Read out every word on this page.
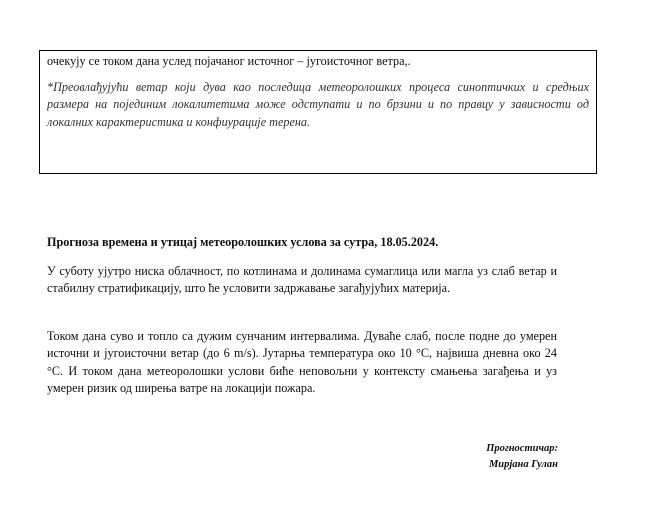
очекују се током дана услед појачаног источног – југоисточног ветра,.

*Преовлађујући ветар који дува као последица метеоролошких процеса синоптичких и средњих размера на појединим локалитетима може одступати и по брзини и по правцу у зависности од локалних карактеристика и конфиурације терена.

Прогноза времена и утицај метеоролошких услова за сутра, 18.05.2024.

У суботу ујутро ниска облачност, по котлинама и долинама сумаглица или магла уз слаб ветар и стабилну стратификацију, што ће условити задржавање загађујућих материја.

Током дана суво и топло са дужим сунчаним интервалима. Дуваће слаб, после подне до умерен источни и југоисточни ветар (до 6 m/s). Јутарња температура око 10 °C, највиша дневна око 24 °C. И током дана метеоролошки услови биће неповољни у контексту смањења загађења и уз умерен ризик од ширења ватре на локацији пожара.

Прогностичар:
Мирјана Гулан
